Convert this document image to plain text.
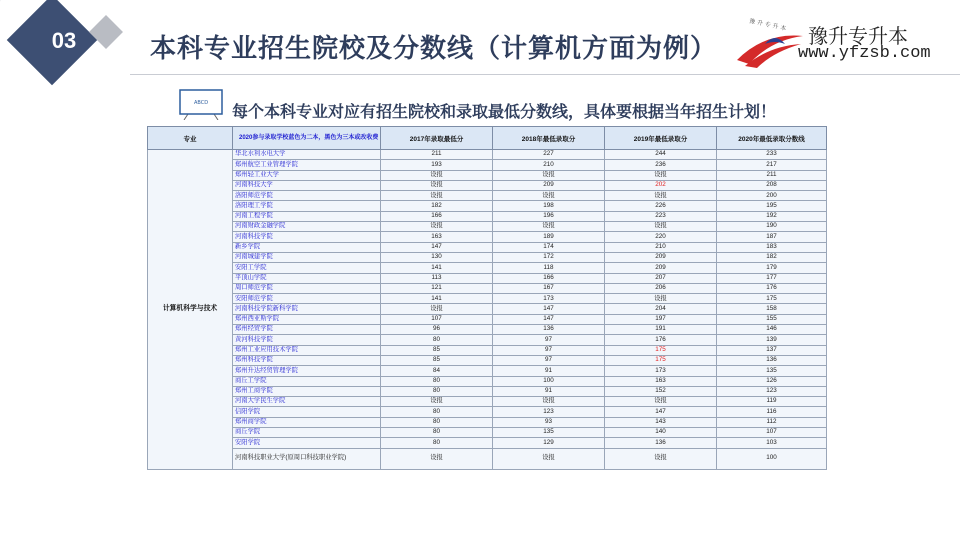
03	本科专业招生院校及分数线（计算机方面为例）
豫 升 专 升 本 豫升专升本
www.yfzsb.com
ABCD 每个本科专业对应有招生院校和录取最低分数线，具体要根据当年招生计划！
专业	2020参与录取学校蓝色为二本，黑色为三本或改收费	2017年录取最低分	2018年最低录取分	2019年最低录取分	2020年最低录取分数线
计算机科学与技术	华北水利水电大学	211	227	244	233
	郑州航空工业管理学院	193	210	236	217
	郑州轻工业大学	设报	设报	设报	211
	河南科技大学	设报	209	202	208
	洛阳师范学院	设报	设报	设报	200
	洛阳理工学院	182	198	226	195
	河南工程学院	166	196	223	192
	河南财政金融学院	设报	设报	设报	190
	河南科技学院	163	189	220	187
	新乡学院	147	174	210	183
	河南城建学院	130	172	209	182
	安阳工学院	141	118	209	179
	平顶山学院	113	166	207	177
	周口师范学院	121	167	206	176
	安阳师范学院	141	173	设报	175
	河南科技学院新科学院	设报	147	204	158
	郑州西亚斯学院	107	147	197	155
	郑州经贸学院	96	136	191	146
	黄河科技学院	80	97	176	139
	郑州工业应用技术学院	85	97	175	137
	郑州科技学院	85	97	175	136
	郑州升达经贸管理学院	84	91	173	135
	商丘工学院	80	100	163	126
	郑州工商学院	80	91	152	123
	河南大学民生学院	设报	设报	设报	119
	信阳学院	80	123	147	116
	郑州商学院	80	93	143	112
	商丘学院	80	135	140	107
	安阳学院	80	129	136	103
	河南科技职业大学(原周口科技职业学院)	设报	设报	设报	100
